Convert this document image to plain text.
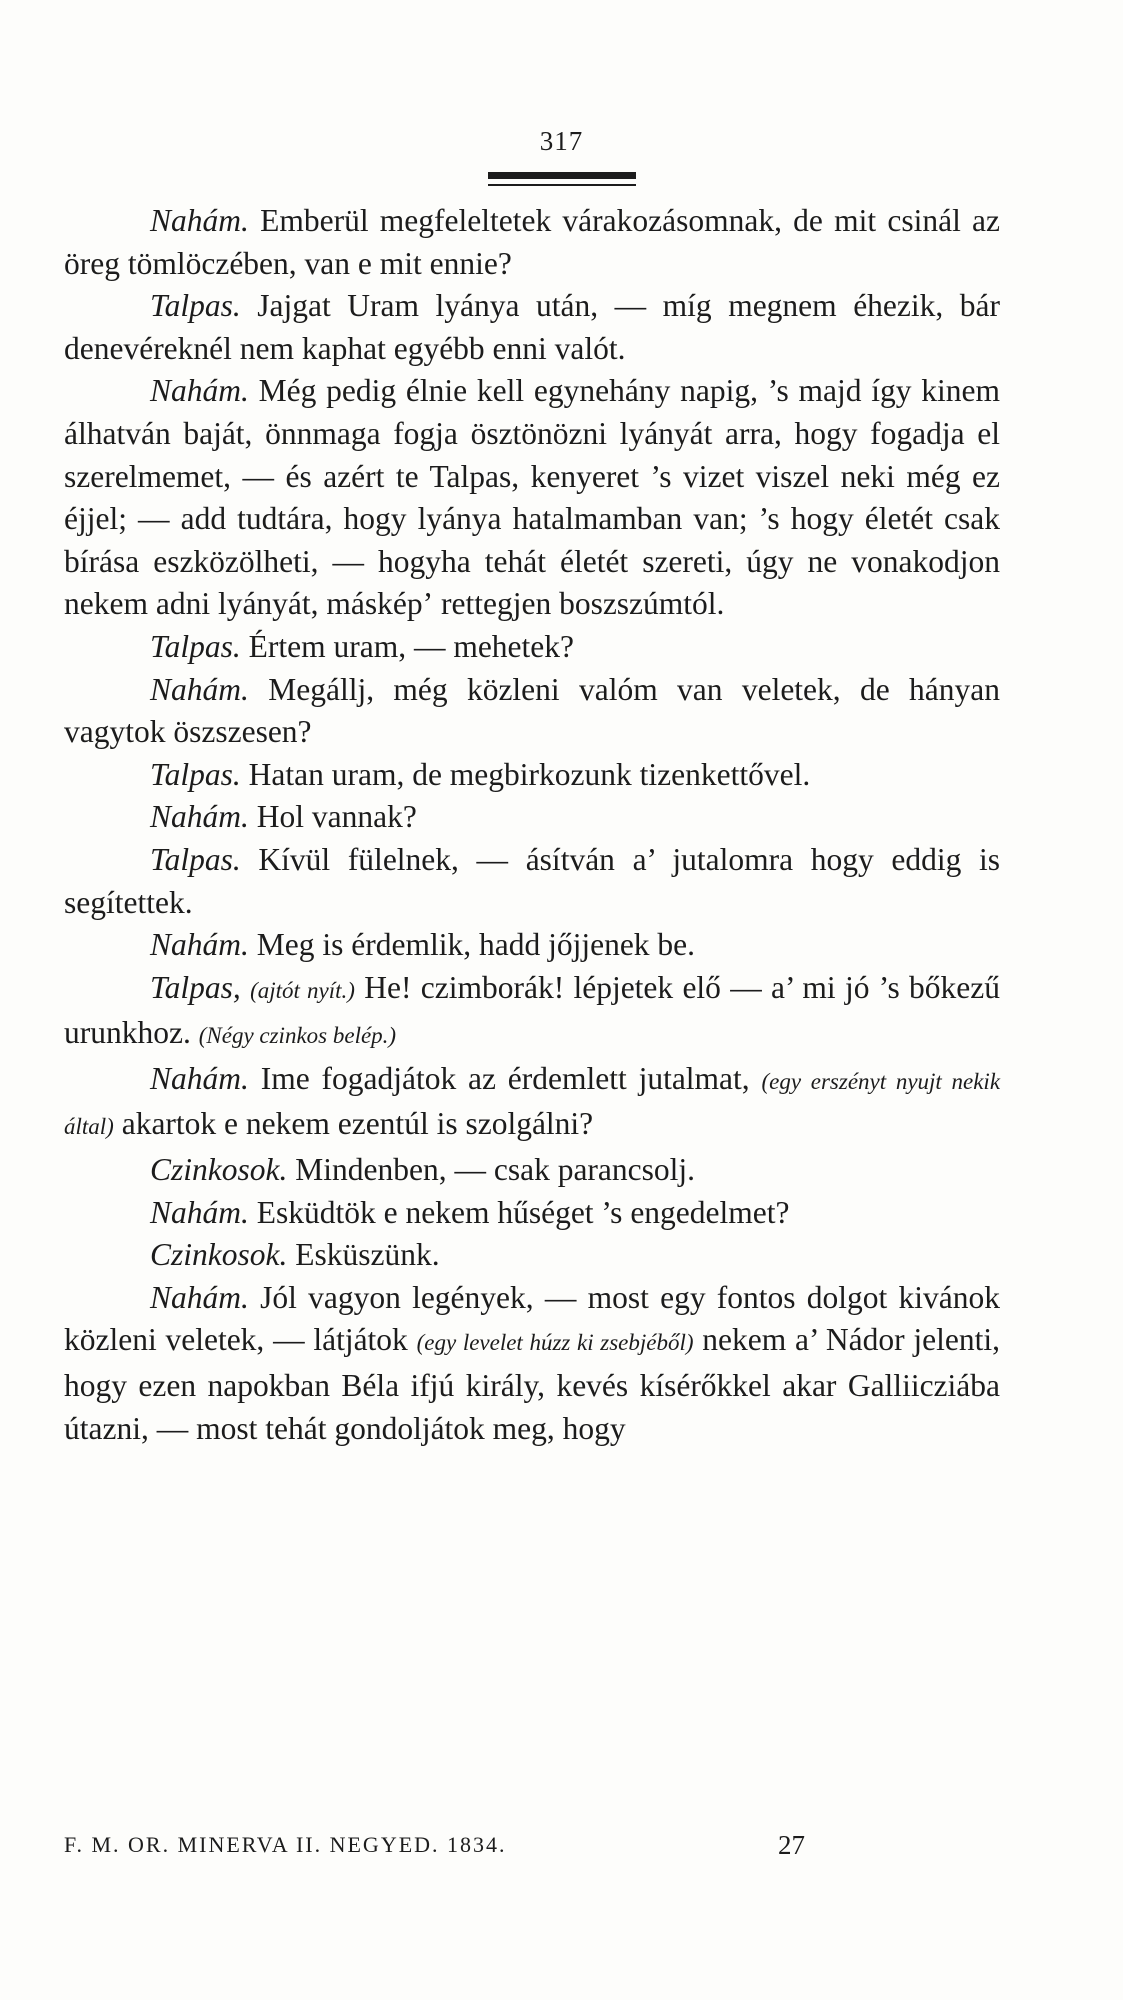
317

Nahám. Emberül megfeleltetek várakozásomnak, de mit csinál az öreg tömlöczében, van e mit ennie?

Talpas. Jajgat Uram lyánya után, — míg megnem éhezik, bár denevéreknél nem kaphat egyébb enni valót.

Nahám. Még pedig élnie kell egynehány napig, ’s majd így kinem álhatván baját, önnmaga fogja ösztönözni lyányát arra, hogy fogadja el szerelmemet, — és azért te Talpas, kenyeret ’s vizet viszel neki még ez éjjel; — add tudtára, hogy lyánya hatalmamban van; ’s hogy életét csak bírása eszközölheti, — hogyha tehát életét szereti, úgy ne vonakodjon nekem adni lyányát, másképʼ rettegjen boszszúmtól.

Talpas. Értem uram, — mehetek?

Nahám. Megállj, még közleni valóm van veletek, de hányan vagytok öszszesen?

Talpas. Hatan uram, de megbirkozunk tizenkettővel.

Nahám. Hol vannak?

Talpas. Kívül fülelnek, — ásítván a’ jutalomra hogy eddig is segítettek.

Nahám. Meg is érdemlik, hadd jőjjenek be.

Talpas, (ajtót nyít.) He! czimborák! lépjetek elő — a’ mi jó ’s bőkezű urunkhoz. (Négy czinkos belép.)

Nahám. Ime fogadjátok az érdemlett jutalmat, (egy erszényt nyujt nekik által) akartok e nekem ezentúl is szolgálni?

Czinkosok. Mindenben, — csak parancsolj.

Nahám. Esküdtök e nekem hűséget ’s engedelmet?

Czinkosok. Esküszünk.

Nahám. Jól vagyon legények, — most egy fontos dolgot kivánok közleni veletek, — látjátok (egy levelet húzz ki zsebjéből) nekem a’ Nádor jelenti, hogy ezen napokban Béla ifjú király, kevés kísérőkkel akar Galliicziába útazni, — most tehát gondoljátok meg, hogy

F. M. OR. MINERVA II. NEGYED. 1834.	27
